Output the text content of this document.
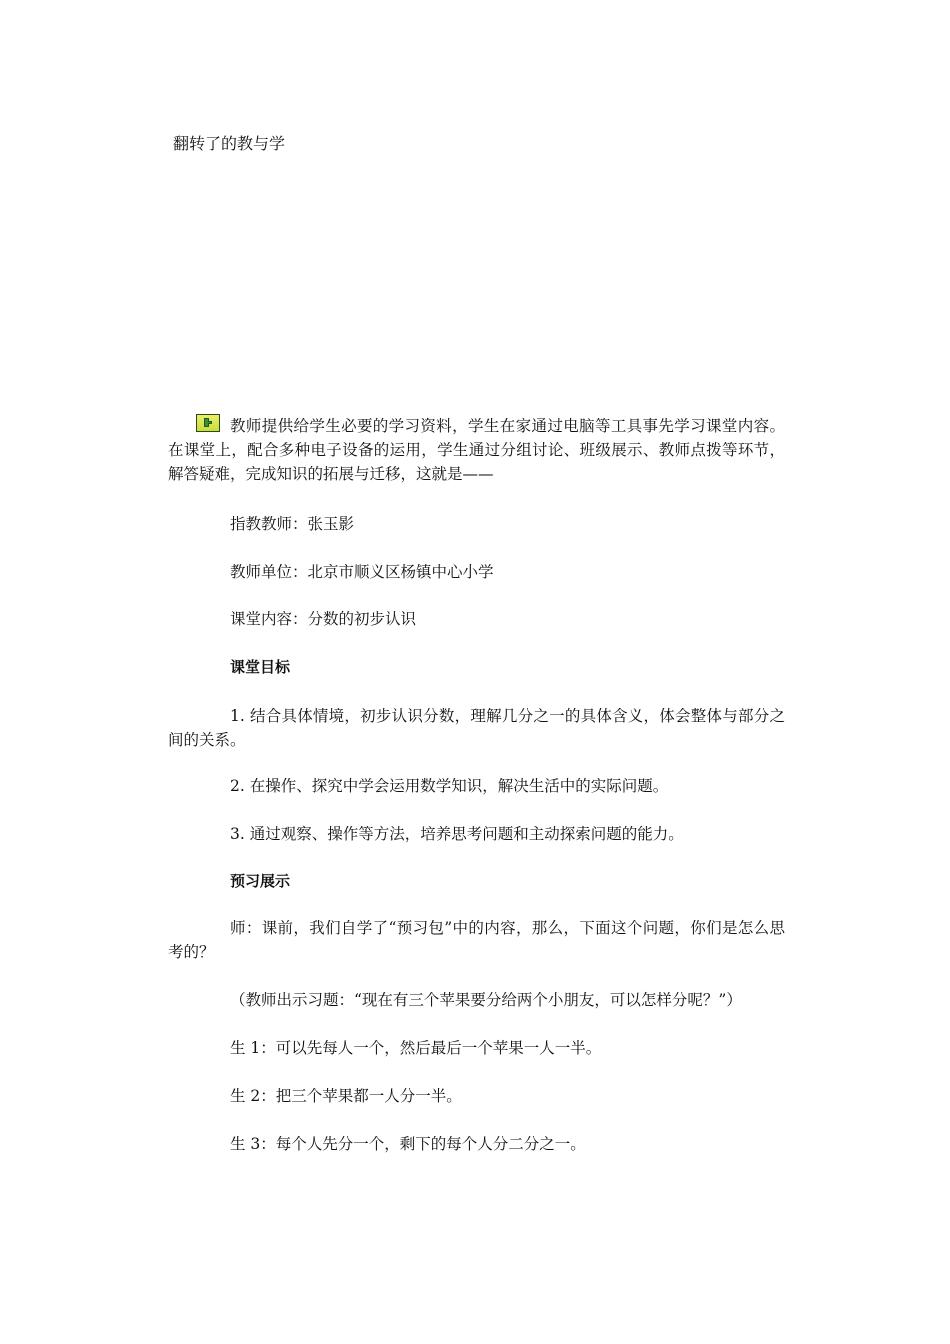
翻转了的教与学

教师提供给学生必要的学习资料，学生在家通过电脑等工具事先学习课堂内容。在课堂上，配合多种电子设备的运用，学生通过分组讨论、班级展示、教师点拨等环节，解答疑难，完成知识的拓展与迁移，这就是——

指教教师：张玉影

教师单位：北京市顺义区杨镇中心小学

课堂内容：分数的初步认识

课堂目标

1. 结合具体情境，初步认识分数，理解几分之一的具体含义，体会整体与部分之间的关系。

2. 在操作、探究中学会运用数学知识，解决生活中的实际问题。

3. 通过观察、操作等方法，培养思考问题和主动探索问题的能力。

预习展示

师：课前，我们自学了“预习包”中的内容，那么，下面这个问题，你们是怎么思考的？

（教师出示习题：“现在有三个苹果要分给两个小朋友，可以怎样分呢？”）

生 1：可以先每人一个，然后最后一个苹果一人一半。

生 2：把三个苹果都一人分一半。

生 3：每个人先分一个，剩下的每个人分二分之一。
